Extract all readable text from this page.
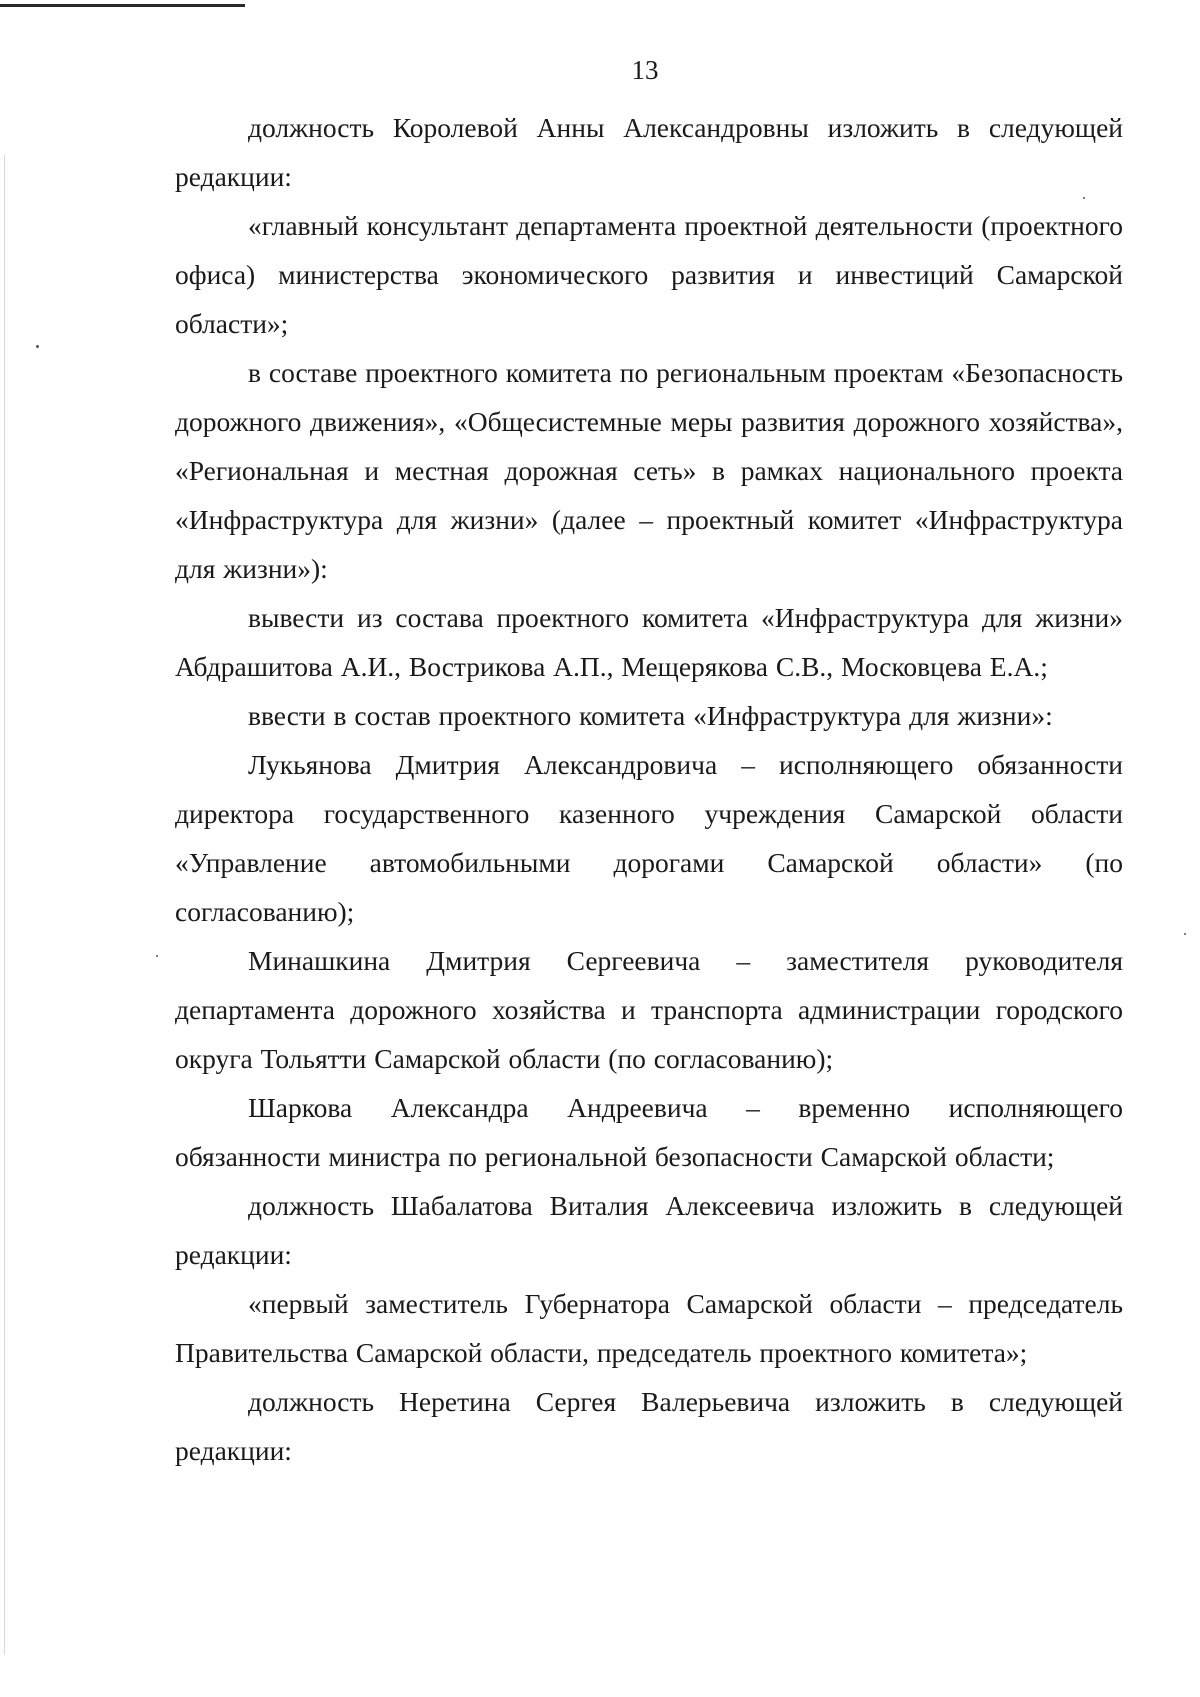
13

должность Королевой Анны Александровны изложить в следующей редакции:

«главный консультант департамента проектной деятельности (проектного офиса) министерства экономического развития и инвестиций Самарской области»;

в составе проектного комитета по региональным проектам «Безопасность дорожного движения», «Общесистемные меры развития дорожного хозяйства», «Региональная и местная дорожная сеть» в рамках национального проекта «Инфраструктура для жизни» (далее – проектный комитет «Инфраструктура для жизни»):

вывести из состава проектного комитета «Инфраструктура для жизни» Абдрашитова А.И., Вострикова А.П., Мещерякова С.В., Московцева Е.А.;

ввести в состав проектного комитета «Инфраструктура для жизни»:

Лукьянова Дмитрия Александровича – исполняющего обязанности директора государственного казенного учреждения Самарской области «Управление автомобильными дорогами Самарской области» (по согласованию);

Минашкина Дмитрия Сергеевича – заместителя руководителя департамента дорожного хозяйства и транспорта администрации городского округа Тольятти Самарской области (по согласованию);

Шаркова Александра Андреевича – временно исполняющего обязанности министра по региональной безопасности Самарской области;

должность Шабалатова Виталия Алексеевича изложить в следующей редакции:

«первый заместитель Губернатора Самарской области – председатель Правительства Самарской области, председатель проектного комитета»;

должность Неретина Сергея Валерьевича изложить в следующей редакции:
